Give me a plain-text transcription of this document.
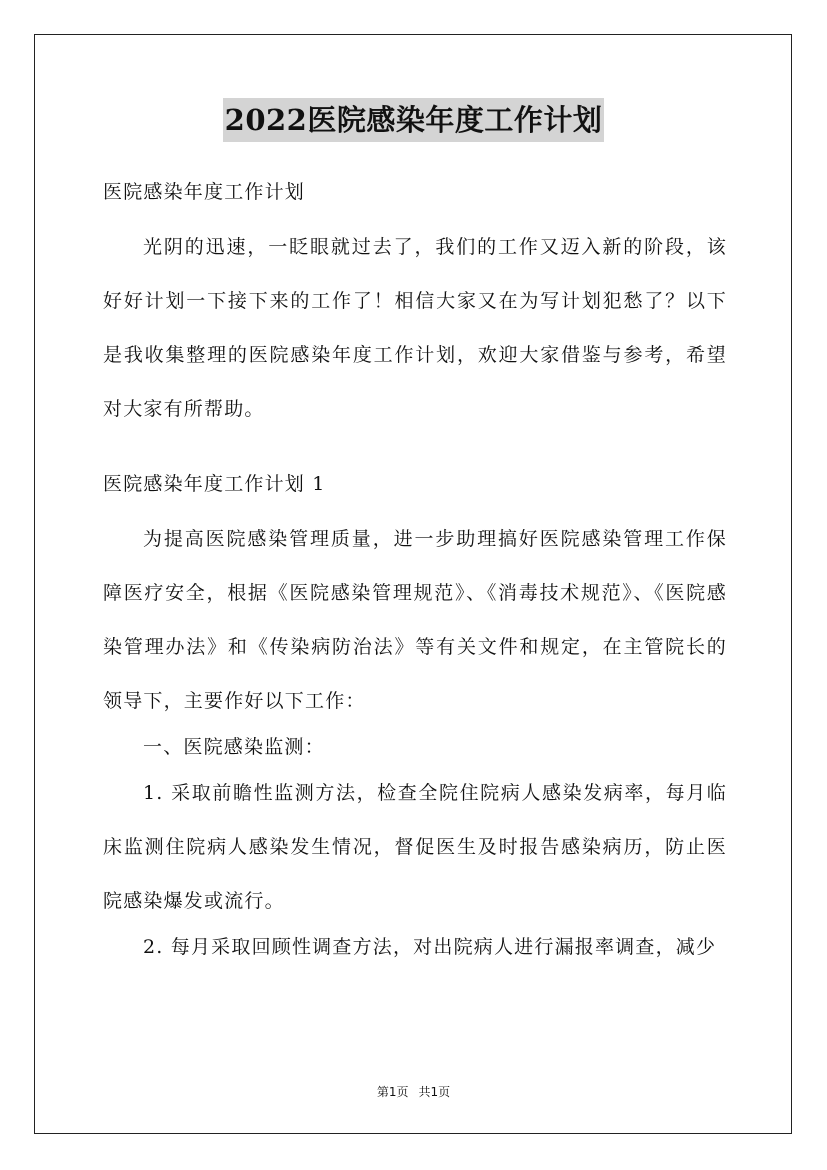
2022医院感染年度工作计划

医院感染年度工作计划

光阴的迅速，一眨眼就过去了，我们的工作又迈入新的阶段，该好好计划一下接下来的工作了！相信大家又在为写计划犯愁了？以下是我收集整理的医院感染年度工作计划，欢迎大家借鉴与参考，希望对大家有所帮助。

医院感染年度工作计划 1

为提高医院感染管理质量，进一步助理搞好医院感染管理工作保障医疗安全，根据《医院感染管理规范》、《消毒技术规范》、《医院感染管理办法》和《传染病防治法》等有关文件和规定，在主管院长的领导下，主要作好以下工作：

一、医院感染监测：

1. 采取前瞻性监测方法，检查全院住院病人感染发病率，每月临床监测住院病人感染发生情况，督促医生及时报告感染病历，防止医院感染爆发或流行。

2. 每月采取回顾性调查方法，对出院病人进行漏报率调查，减少

第1页 共1页
